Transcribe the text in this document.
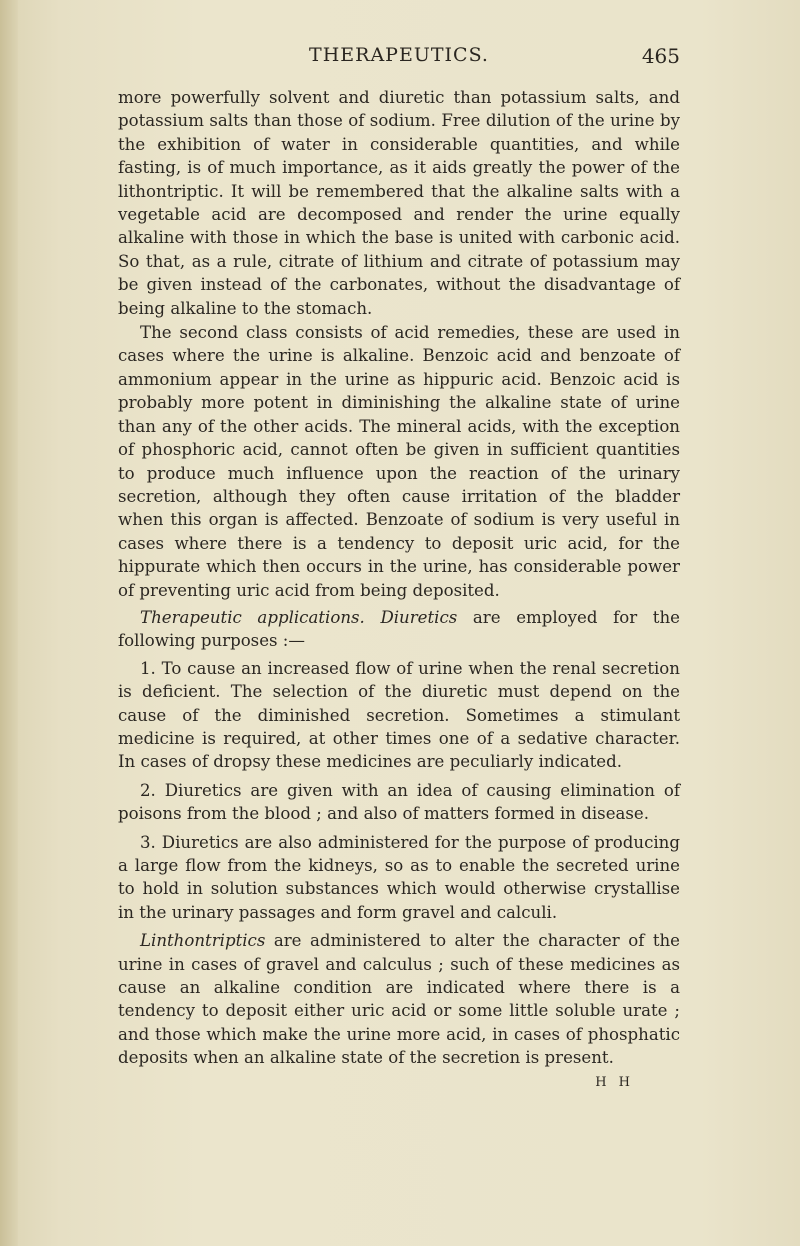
THERAPEUTICS.	465

more powerfully solvent and diuretic than potassium salts, and potassium salts than those of sodium. Free dilution of the urine by the exhibition of water in considerable quantities, and while fasting, is of much importance, as it aids greatly the power of the lithontriptic. It will be remembered that the alkaline salts with a vegetable acid are decomposed and render the urine equally alkaline with those in which the base is united with carbonic acid. So that, as a rule, citrate of lithium and citrate of potassium may be given instead of the carbonates, without the disadvantage of being alkaline to the stomach.

The second class consists of acid remedies, these are used in cases where the urine is alkaline. Benzoic acid and benzoate of ammonium appear in the urine as hippuric acid. Benzoic acid is probably more potent in diminishing the alkaline state of urine than any of the other acids. The mineral acids, with the exception of phosphoric acid, cannot often be given in sufficient quantities to produce much influence upon the reaction of the urinary secretion, although they often cause irritation of the bladder when this organ is affected. Benzoate of sodium is very useful in cases where there is a tendency to deposit uric acid, for the hippurate which then occurs in the urine, has considerable power of preventing uric acid from being deposited.

Therapeutic applications. Diuretics are employed for the following purposes :—

1. To cause an increased flow of urine when the renal secretion is deficient. The selection of the diuretic must depend on the cause of the diminished secretion. Sometimes a stimulant medicine is required, at other times one of a sedative character. In cases of dropsy these medicines are peculiarly indicated.

2. Diuretics are given with an idea of causing elimination of poisons from the blood ; and also of matters formed in disease.

3. Diuretics are also administered for the purpose of producing a large flow from the kidneys, so as to enable the secreted urine to hold in solution substances which would otherwise crystallise in the urinary passages and form gravel and calculi.

Linthontriptics are administered to alter the character of the urine in cases of gravel and calculus ; such of these medicines as cause an alkaline condition are indicated where there is a tendency to deposit either uric acid or some little soluble urate ; and those which make the urine more acid, in cases of phosphatic deposits when an alkaline state of the secretion is present.

H H
